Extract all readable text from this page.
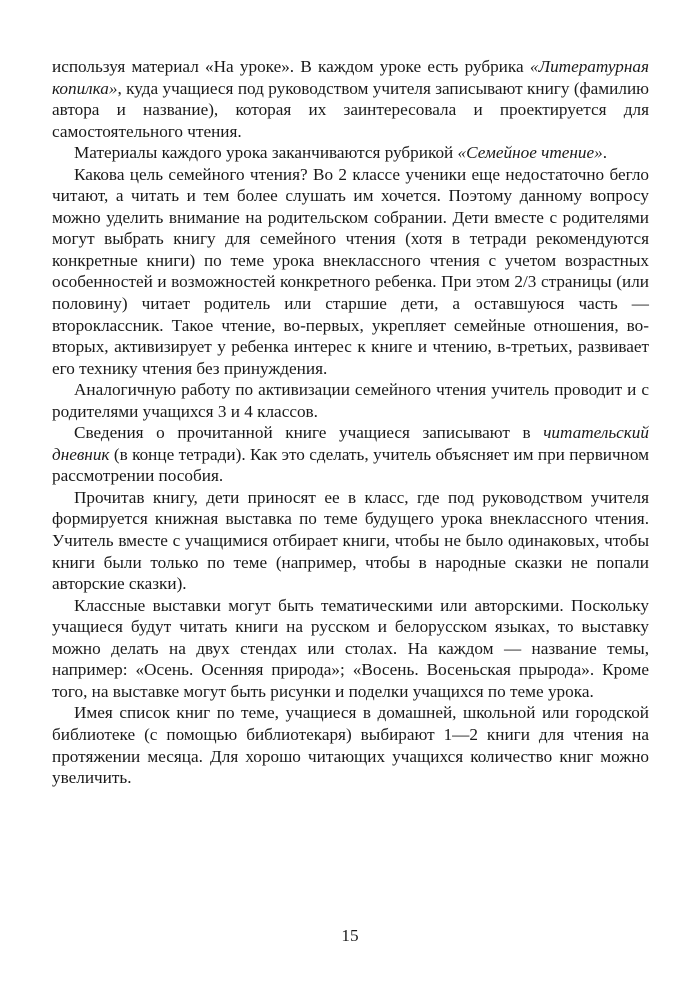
используя материал «На уроке». В каждом уроке есть рубрика «Литературная копилка», куда учащиеся под руководством учителя записывают книгу (фамилию автора и название), которая их заинтересовала и проектируется для самостоятельного чтения.

Материалы каждого урока заканчиваются рубрикой «Семейное чтение».

Какова цель семейного чтения? Во 2 классе ученики еще недостаточно бегло читают, а читать и тем более слушать им хочется. Поэтому данному вопросу можно уделить внимание на родительском собрании. Дети вместе с родителями могут выбрать книгу для семейного чтения (хотя в тетради рекомендуются конкретные книги) по теме урока внеклассного чтения с учетом возрастных особенностей и возможностей конкретного ребенка. При этом 2/3 страницы (или половину) читает родитель или старшие дети, а оставшуюся часть — второклассник. Такое чтение, во-первых, укрепляет семейные отношения, во-вторых, активизирует у ребенка интерес к книге и чтению, в-третьих, развивает его технику чтения без принуждения.

Аналогичную работу по активизации семейного чтения учитель проводит и с родителями учащихся 3 и 4 классов.

Сведения о прочитанной книге учащиеся записывают в читательский дневник (в конце тетради). Как это сделать, учитель объясняет им при первичном рассмотрении пособия.

Прочитав книгу, дети приносят ее в класс, где под руководством учителя формируется книжная выставка по теме будущего урока внеклассного чтения. Учитель вместе с учащимися отбирает книги, чтобы не было одинаковых, чтобы книги были только по теме (например, чтобы в народные сказки не попали авторские сказки).

Классные выставки могут быть тематическими или авторскими. Поскольку учащиеся будут читать книги на русском и белорусском языках, то выставку можно делать на двух стендах или столах. На каждом — название темы, например: «Осень. Осенняя природа»; «Восень. Восеньская прырода». Кроме того, на выставке могут быть рисунки и поделки учащихся по теме урока.

Имея список книг по теме, учащиеся в домашней, школьной или городской библиотеке (с помощью библиотекаря) выбирают 1—2 книги для чтения на протяжении месяца. Для хорошо читающих учащихся количество книг можно увеличить.

15
